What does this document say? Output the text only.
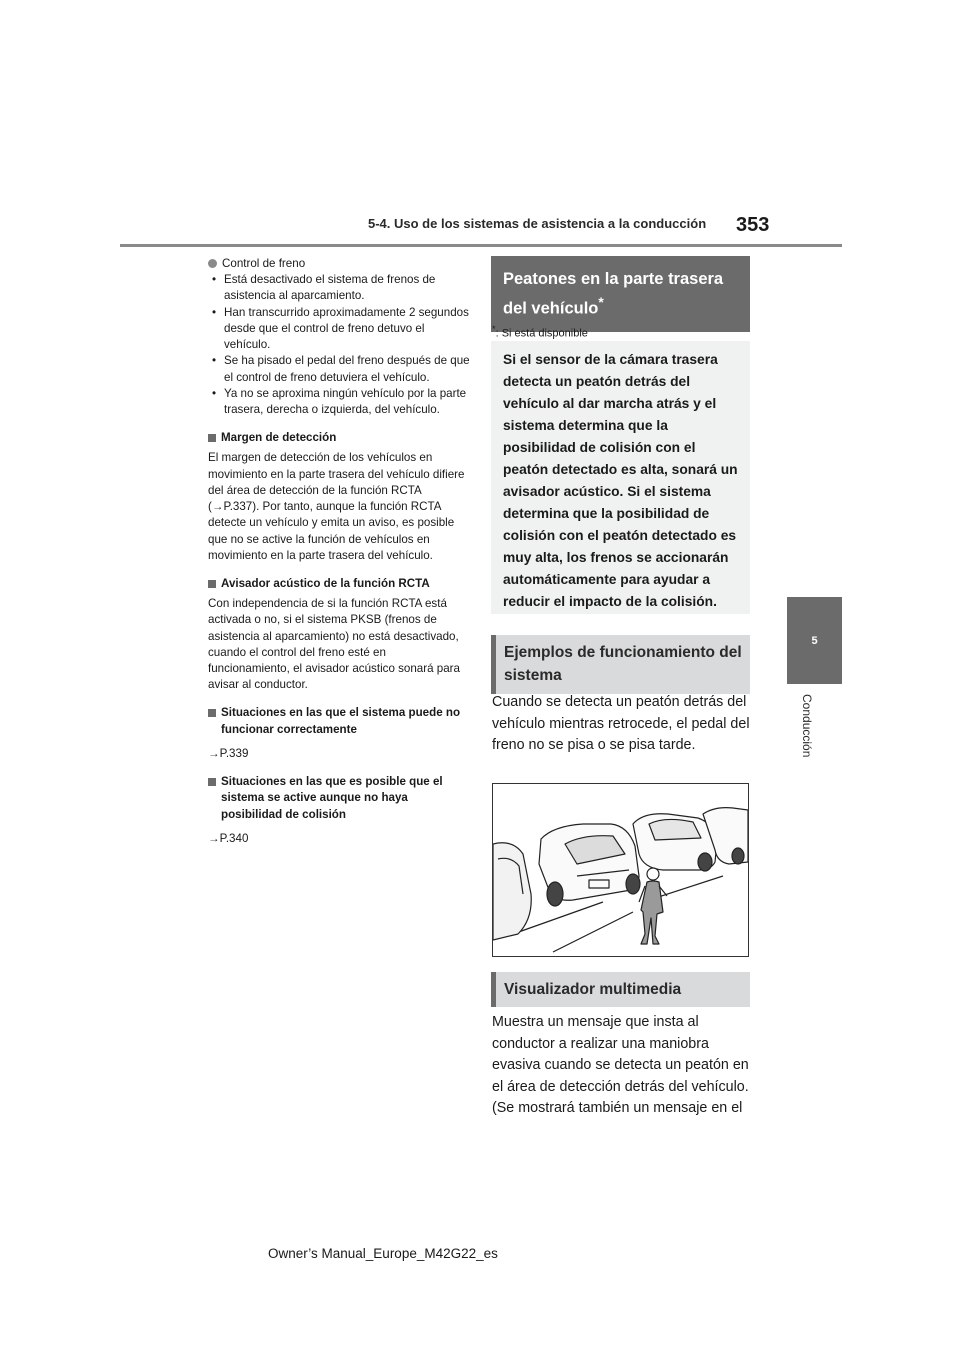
5-4. Uso de los sistemas de asistencia a la conducción 353
5
Conducción
Control de freno
• Está desactivado el sistema de frenos de asistencia al aparcamiento.
• Han transcurrido aproximadamente 2 segundos desde que el control de freno detuvo el vehículo.
• Se ha pisado el pedal del freno después de que el control de freno detuviera el vehículo.
• Ya no se aproxima ningún vehículo por la parte trasera, derecha o izquierda, del vehículo.
Margen de detección

El margen de detección de los vehículos en movimiento en la parte trasera del vehículo difiere del área de detección de la función RCTA (→P.337). Por tanto, aunque la función RCTA detecte un vehículo y emita un aviso, es posible que no se active la función de vehículos en movimiento en la parte trasera del vehículo.

Avisador acústico de la función RCTA

Con independencia de si la función RCTA está activada o no, si el sistema PKSB (frenos de asistencia al aparcamiento) no está desactivado, cuando el control del freno esté en funcionamiento, el avisador acústico sonará para avisar al conductor.

Situaciones en las que el sistema puede no funcionar correctamente

→P.339

Situaciones en las que es posible que el sistema se active aunque no haya posibilidad de colisión

→P.340

Peatones en la parte trasera del vehículo*
*: Si está disponible
Si el sensor de la cámara trasera detecta un peatón detrás del vehículo al dar marcha atrás y el sistema determina que la posibilidad de colisión con el peatón detectado es alta, sonará un avisador acústico. Si el sistema determina que la posibilidad de colisión con el peatón detectado es muy alta, los frenos se accionarán automáticamente para ayudar a reducir el impacto de la colisión.
Ejemplos de funcionamiento del sistema
Cuando se detecta un peatón detrás del vehículo mientras retrocede, el pedal del freno no se pisa o se pisa tarde.
Visualizador multimedia
Muestra un mensaje que insta al conductor a realizar una maniobra evasiva cuando se detecta un peatón en el área de detección detrás del vehículo. (Se mostrará también un mensaje en el
Owner’s Manual_Europe_M42G22_es
